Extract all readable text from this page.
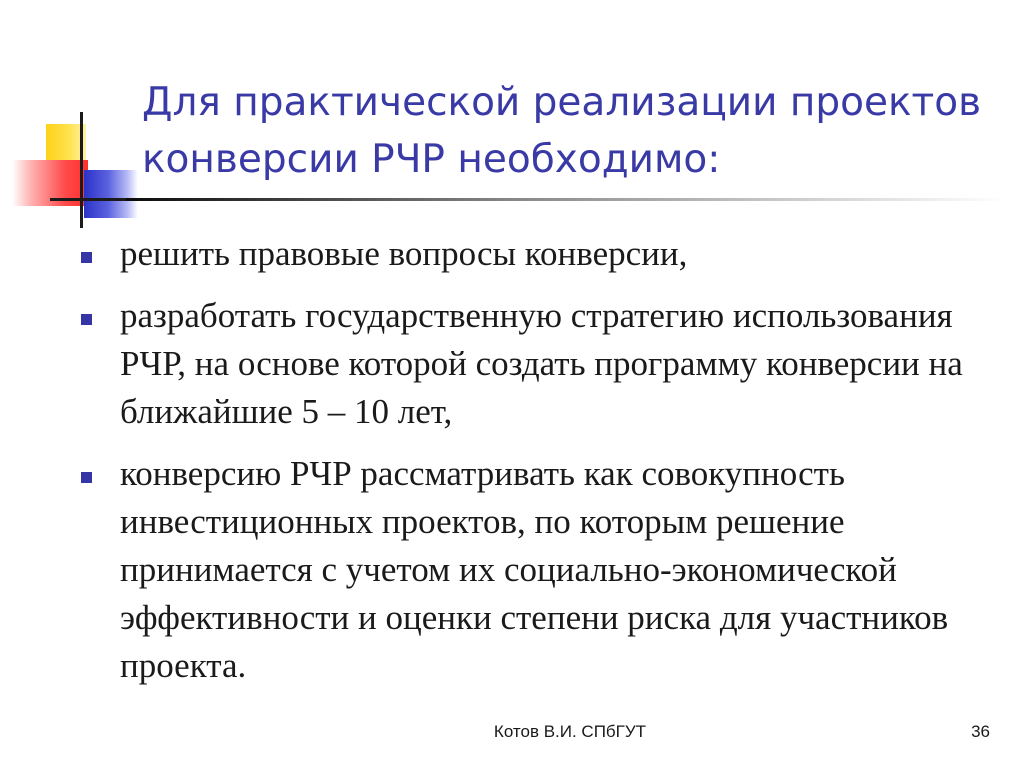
Для практической реализации проектов конверсии РЧР необходимо:
решить правовые вопросы конверсии,
разработать государственную стратегию использования РЧР, на основе которой создать программу конверсии на ближайшие 5 – 10 лет,
конверсию РЧР рассматривать как совокупность инвестиционных проектов, по которым решение принимается с учетом их социально-экономической эффективности и оценки степени риска для участников проекта.
Котов В.И. СПбГУТ	36
